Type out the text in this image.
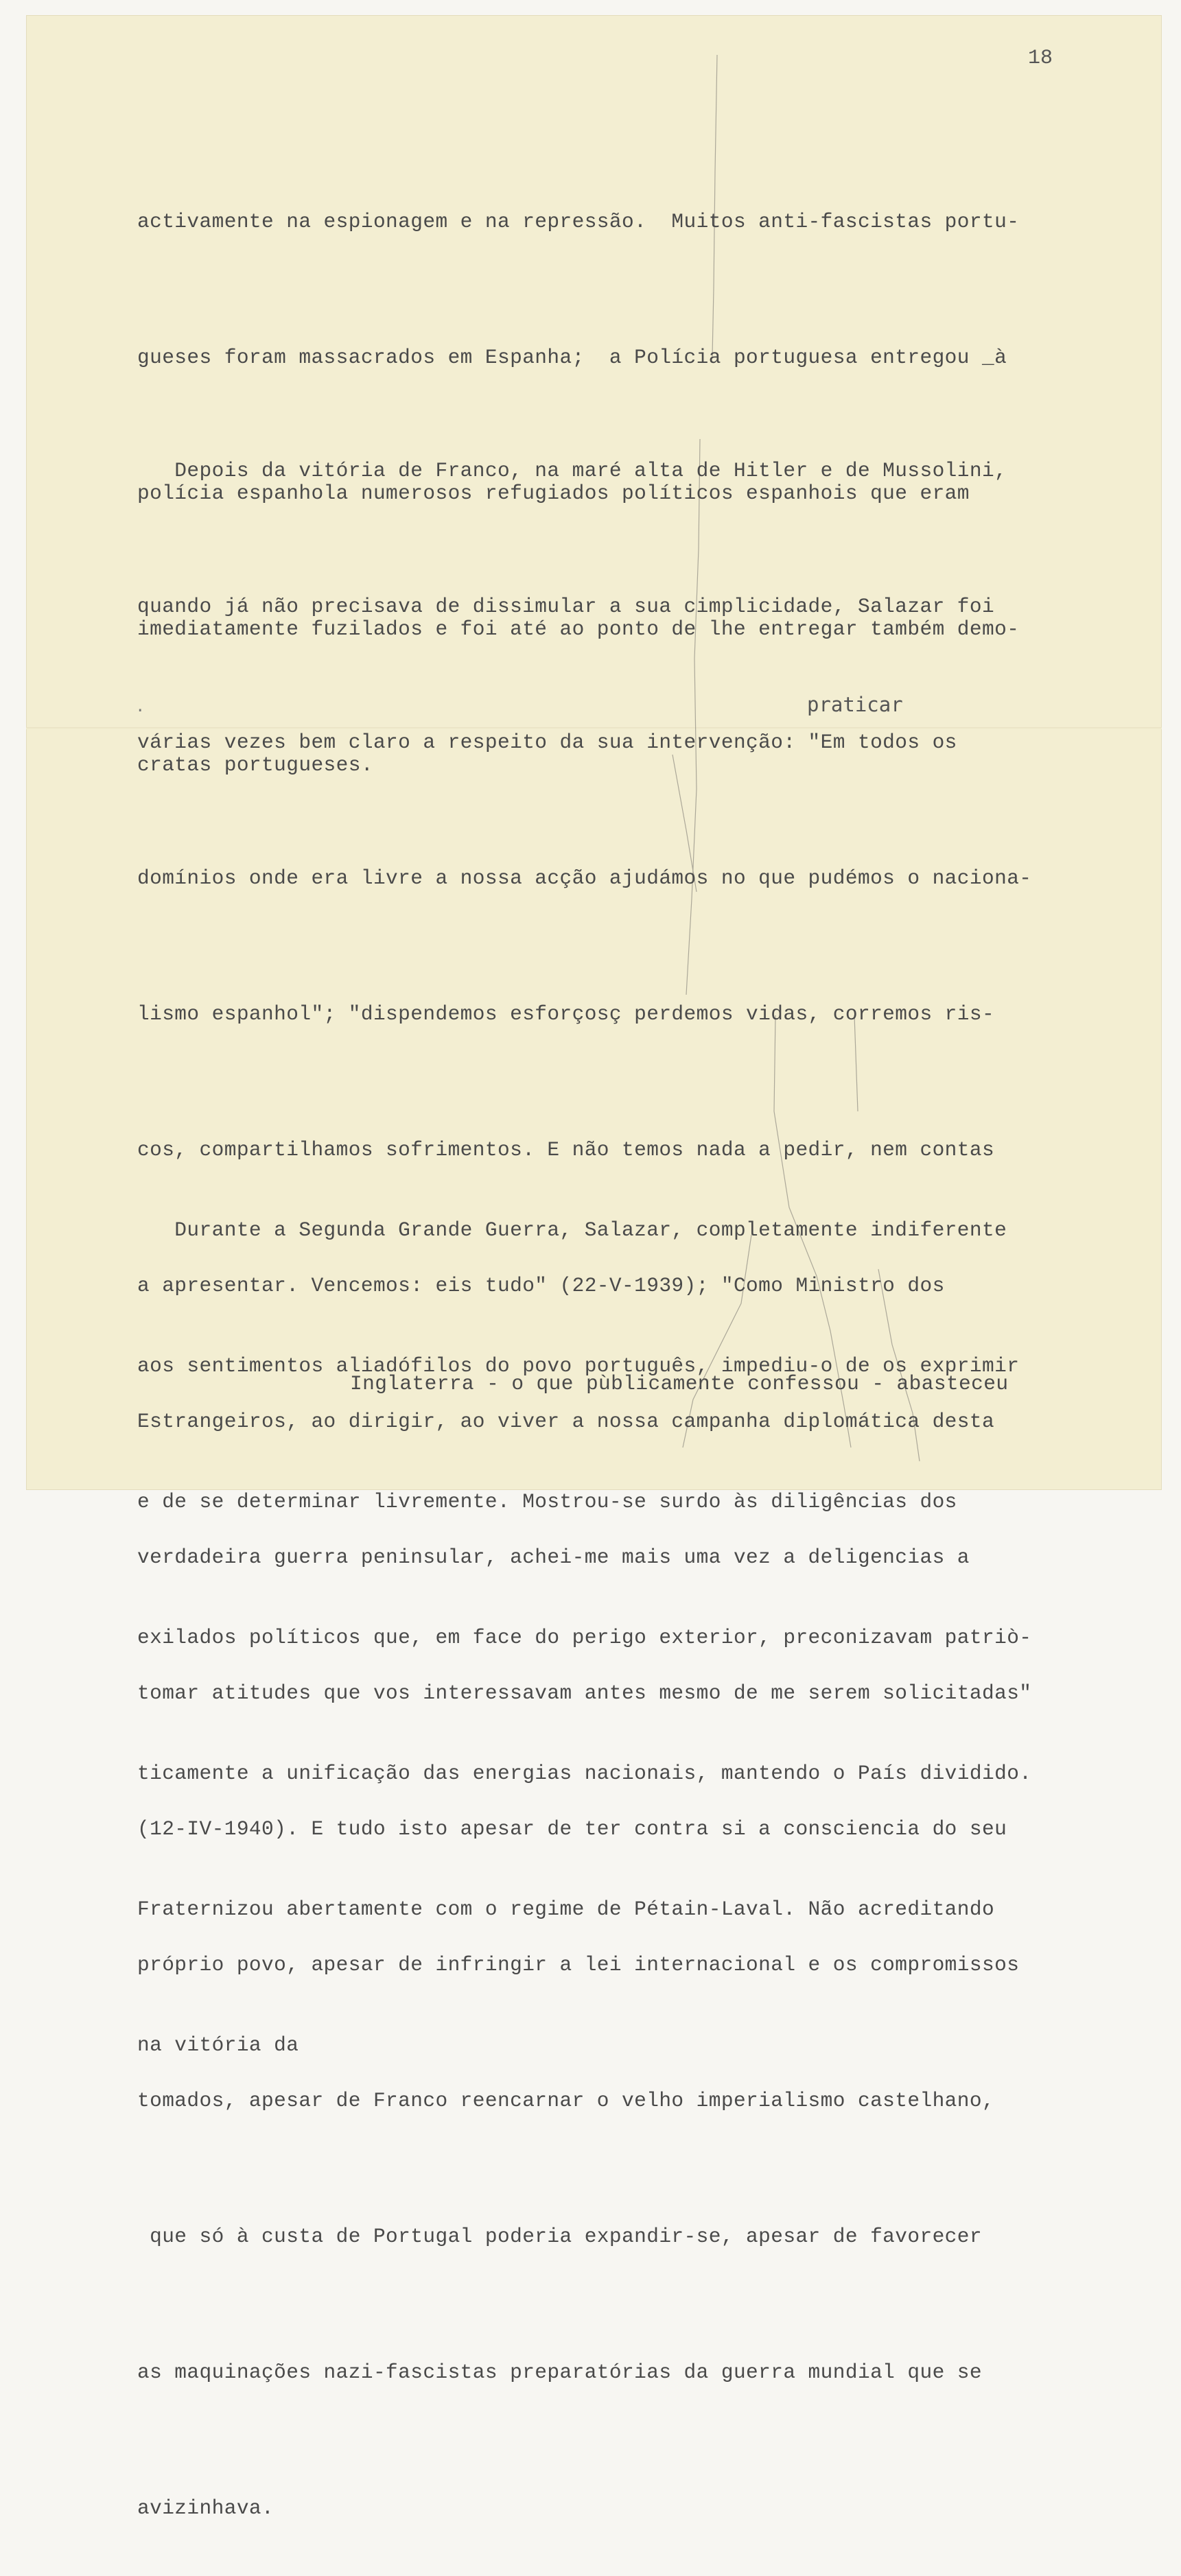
18

activamente na espionagem e na repressão.  Muitos anti-fascistas portu-

gueses foram massacrados em Espanha;  a Polícia portuguesa entregou _à

polícia espanhola numerosos refugiados políticos espanhois que eram

imediatamente fuzilados e foi até ao ponto de lhe entregar também demo-

cratas portugueses.

Depois da vitória de Franco, na maré alta de Hitler e de Mussolini,

quando já não precisava de dissimular a sua cimplicidade, Salazar foi

várias vezes bem claro a respeito da sua intervenção: "Em todos os

domínios onde era livre a nossa acção ajudámos no que pudémos o naciona-

lismo espanhol"; "dispendemos esforçosç perdemos vidas, corremos ris-

cos, compartilhamos sofrimentos. E não temos nada a pedir, nem contas

a apresentar. Vencemos: eis tudo" (22-V-1939); "Como Ministro dos

Estrangeiros, ao dirigir, ao viver a nossa campanha diplomática desta

verdadeira guerra peninsular, achei-me mais uma vez a deligencias a

tomar atitudes que vos interessavam antes mesmo de me serem solicitadas"

(12-IV-1940). E tudo isto apesar de ter contra si a consciencia do seu

próprio povo, apesar de infringir a lei internacional e os compromissos

tomados, apesar de Franco reencarnar o velho imperialismo castelhano,

que só à custa de Portugal poderia expandir-se, apesar de favorecer

as maquinações nazi-fascistas preparatórias da guerra mundial que se

avizinhava.

Durante a Segunda Grande Guerra, Salazar, completamente indiferente

aos sentimentos aliadófilos do povo português, impediu-o de os exprimir

e de se determinar livremente. Mostrou-se surdo às diligências dos

exilados políticos que, em face do perigo exterior, preconizavam patriò-

ticamente a unificação das energias nacionais, mantendo o País dividido.

Fraternizou abertamente com o regime de Pétain-Laval. Não acreditando

na vitória da

praticar
.
Inglaterra - o que pùblicamente confessou - abasteceu
